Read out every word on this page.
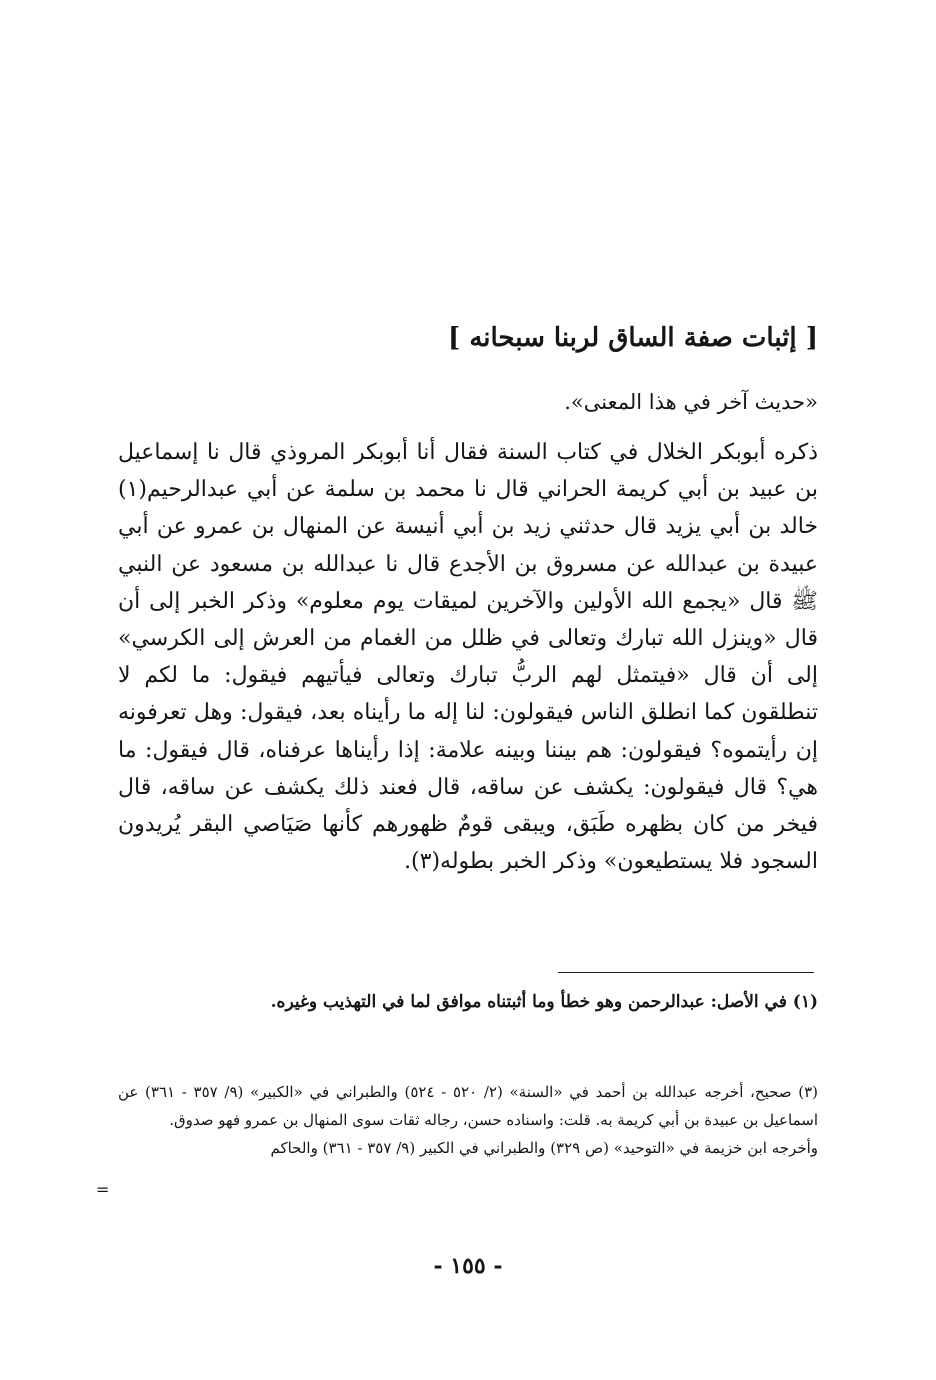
[ إثبات صفة الساق لربنا سبحانه ]
«حديث آخر في هذا المعنى».

ذكره أبوبكر الخلال في كتاب السنة فقال أنا أبوبكر المروذي قال نا إسماعيل بن عبيد بن أبي كريمة الحراني قال نا محمد بن سلمة عن أبي عبدالرحيم(١) خالد بن أبي يزيد قال حدثني زيد بن أبي أنيسة عن المنهال بن عمرو عن أبي عبيدة بن عبدالله عن مسروق بن الأجدع قال نا عبدالله بن مسعود عن النبي ﷺ قال «يجمع الله الأولين والآخرين لميقات يوم معلوم» وذكر الخبر إلى أن قال «وينزل الله تبارك وتعالى في ظلل من الغمام من العرش إلى الكرسي» إلى أن قال «فيتمثل لهم الربُّ تبارك وتعالى فيأتيهم فيقول: ما لكم لا تنطلقون كما انطلق الناس فيقولون: لنا إله ما رأيناه بعد، فيقول: وهل تعرفونه إن رأيتموه؟ فيقولون: هم بيننا وبينه علامة: إذا رأيناها عرفناه، قال فيقول: ما هي؟ قال فيقولون: يكشف عن ساقه، قال فعند ذلك يكشف عن ساقه، قال فيخر من كان بظهره طَبَق، ويبقى قومٌ ظهورهم كأنها صَيَاصي البقر يُريدون السجود فلا يستطيعون» وذكر الخبر بطوله(٣).

(١) في الأصل: عبدالرحمن وهو خطأ وما أثبتناه موافق لما في التهذيب وغيره.

(٣) صحيح، أخرجه عبدالله بن أحمد في «السنة» (٢/ ٥٢٠ - ٥٢٤) والطبراني في «الكبير» (٩/ ٣٥٧ - ٣٦١) عن اسماعيل بن عبيدة بن أبي كريمة به. قلت: واسناده حسن، رجاله ثقات سوى المنهال بن عمرو فهو صدوق.

وأخرجه ابن خزيمة في «التوحيد» (ص ٣٢٩) والطبراني في الكبير (٩/ ٣٥٧ - ٣٦١) والحاكم

=
- ١٥٥ -
